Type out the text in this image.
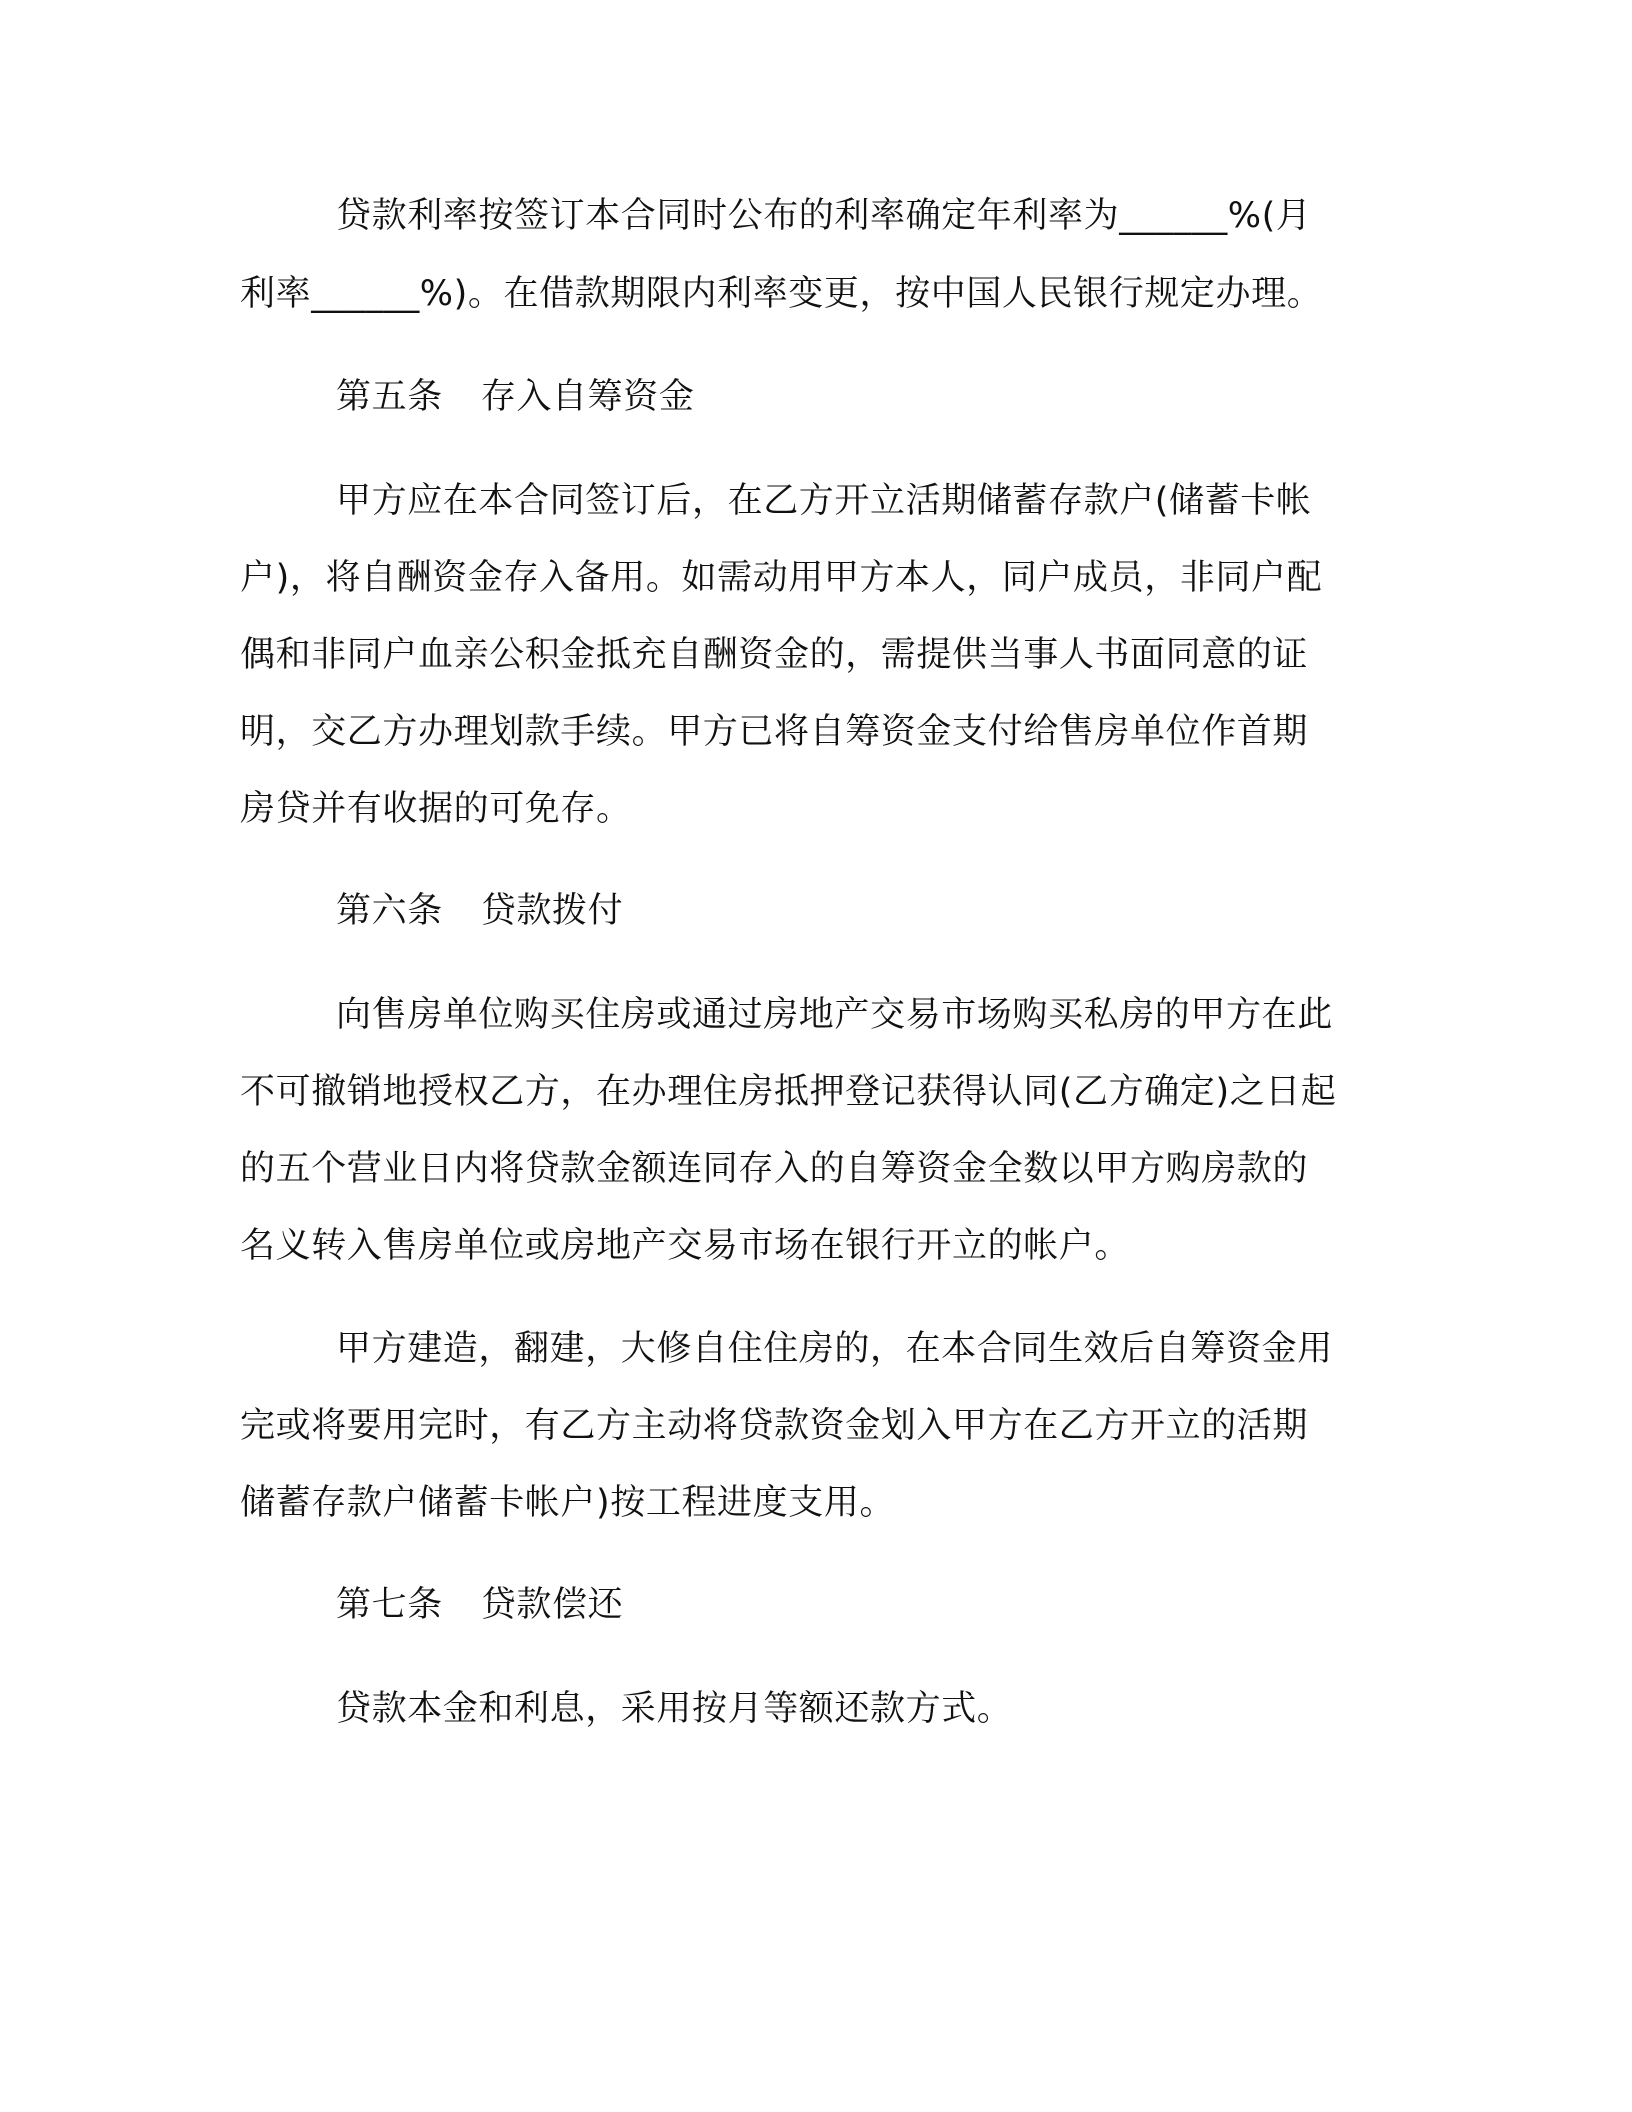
贷款利率按签订本合同时公布的利率确定年利率为______%(月
利率______%)。在借款期限内利率变更，按中国人民银行规定办理。
第五条 存入自筹资金
甲方应在本合同签订后，在乙方开立活期储蓄存款户(储蓄卡帐
户)，将自酬资金存入备用。如需动用甲方本人，同户成员，非同户配
偶和非同户血亲公积金抵充自酬资金的，需提供当事人书面同意的证
明，交乙方办理划款手续。甲方已将自筹资金支付给售房单位作首期
房贷并有收据的可免存。
第六条 贷款拨付
向售房单位购买住房或通过房地产交易市场购买私房的甲方在此
不可撤销地授权乙方，在办理住房抵押登记获得认同(乙方确定)之日起
的五个营业日内将贷款金额连同存入的自筹资金全数以甲方购房款的
名义转入售房单位或房地产交易市场在银行开立的帐户。
甲方建造，翻建，大修自住住房的，在本合同生效后自筹资金用
完或将要用完时，有乙方主动将贷款资金划入甲方在乙方开立的活期
储蓄存款户储蓄卡帐户)按工程进度支用。
第七条 贷款偿还
贷款本金和利息，采用按月等额还款方式。
